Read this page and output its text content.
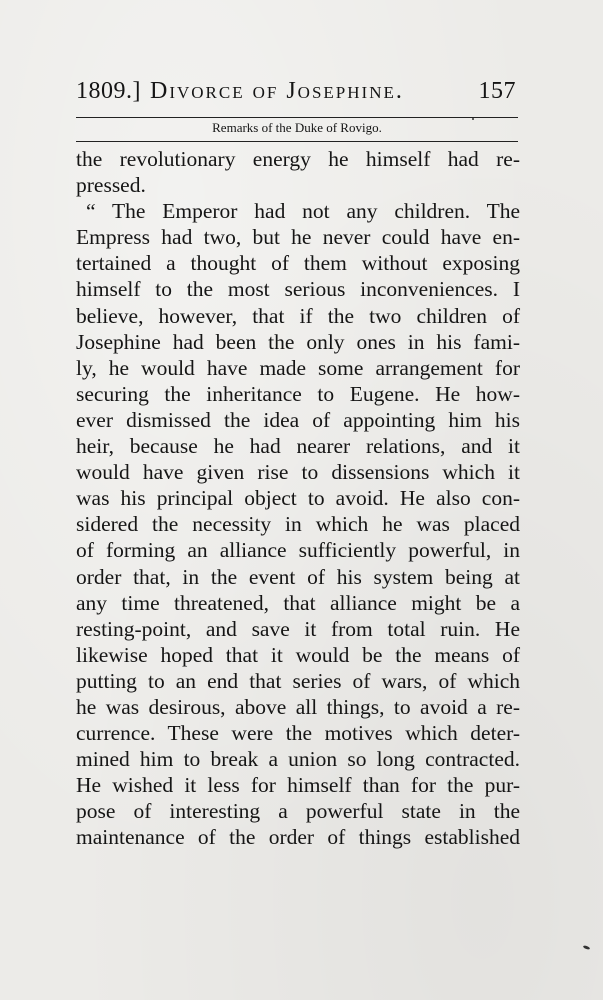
1809.] Divorce of Josephine.	157
Remarks of the Duke of Rovigo.
the revolutionary energy he himself had re-
pressed.
“ The Emperor had not any children. The
Empress had two, but he never could have en-
tertained a thought of them without exposing
himself to the most serious inconveniences. I
believe, however, that if the two children of
Josephine had been the only ones in his fami-
ly, he would have made some arrangement for
securing the inheritance to Eugene. He how-
ever dismissed the idea of appointing him his
heir, because he had nearer relations, and it
would have given rise to dissensions which it
was his principal object to avoid. He also con-
sidered the necessity in which he was placed
of forming an alliance sufficiently powerful, in
order that, in the event of his system being at
any time threatened, that alliance might be a
resting-point, and save it from total ruin. He
likewise hoped that it would be the means of
putting to an end that series of wars, of which
he was desirous, above all things, to avoid a re-
currence. These were the motives which deter-
mined him to break a union so long contracted.
He wished it less for himself than for the pur-
pose of interesting a powerful state in the
maintenance of the order of things established
